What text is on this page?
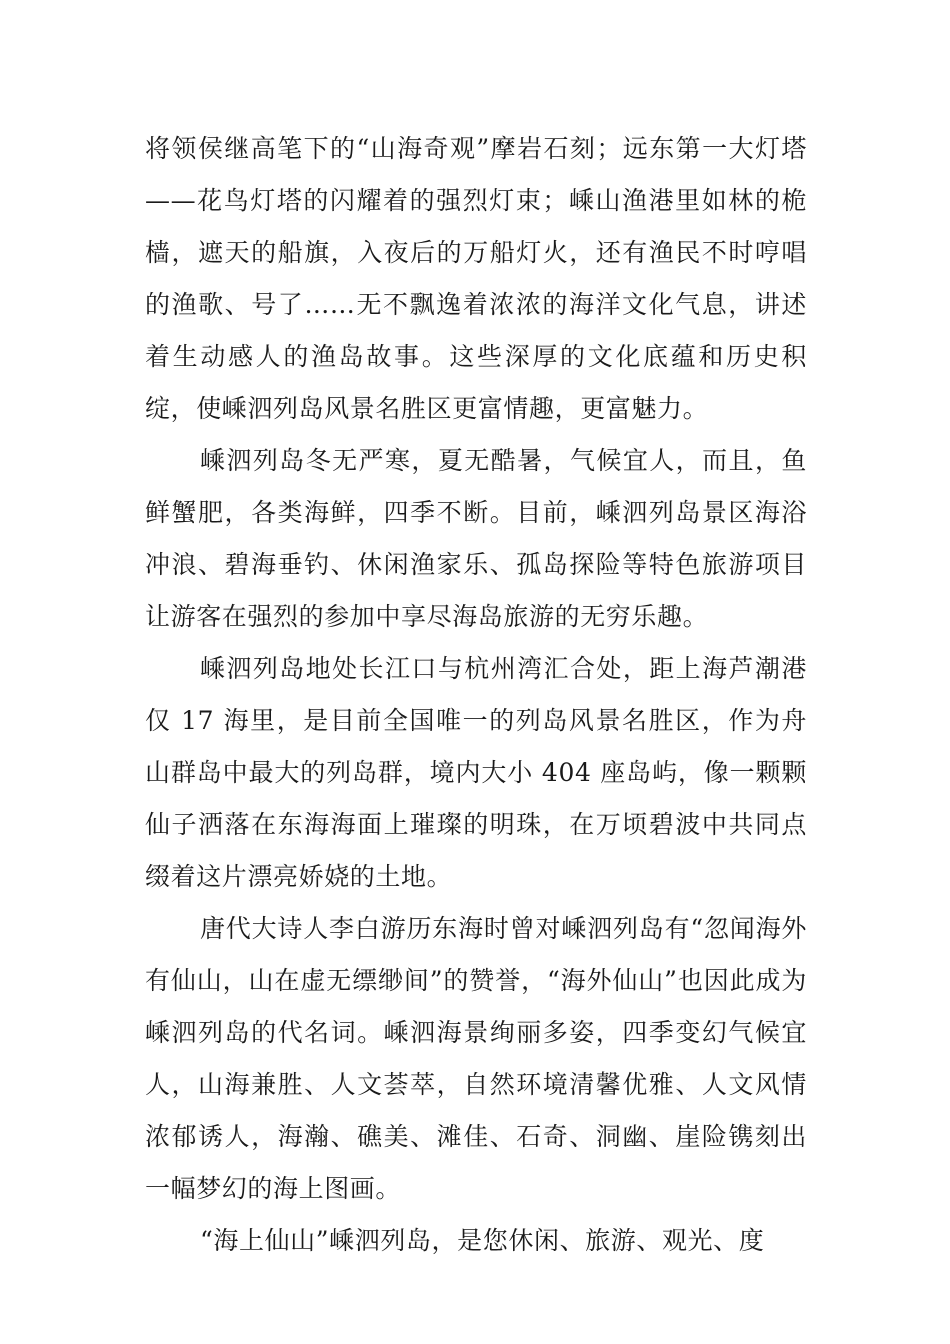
将领侯继高笔下的“山海奇观”摩岩石刻；远东第一大灯塔——花鸟灯塔的闪耀着的强烈灯束；嵊山渔港里如林的桅樯，遮天的船旗，入夜后的万船灯火，还有渔民不时哼唱的渔歌、号了……无不飘逸着浓浓的海洋文化气息，讲述着生动感人的渔岛故事。这些深厚的文化底蕴和历史积绽，使嵊泗列岛风景名胜区更富情趣，更富魅力。

嵊泗列岛冬无严寒，夏无酷暑，气候宜人，而且，鱼鲜蟹肥，各类海鲜，四季不断。目前，嵊泗列岛景区海浴冲浪、碧海垂钓、休闲渔家乐、孤岛探险等特色旅游项目让游客在强烈的参加中享尽海岛旅游的无穷乐趣。

嵊泗列岛地处长江口与杭州湾汇合处，距上海芦潮港仅 17 海里，是目前全国唯一的列岛风景名胜区，作为舟山群岛中最大的列岛群，境内大小 404 座岛屿，像一颗颗仙子洒落在东海海面上璀璨的明珠，在万顷碧波中共同点缀着这片漂亮娇娆的土地。

唐代大诗人李白游历东海时曾对嵊泗列岛有“忽闻海外有仙山，山在虚无缥缈间”的赞誉，“海外仙山”也因此成为嵊泗列岛的代名词。嵊泗海景绚丽多姿，四季变幻气候宜人，山海兼胜、人文荟萃，自然环境清馨优雅、人文风情浓郁诱人，海瀚、礁美、滩佳、石奇、洞幽、崖险镌刻出一幅梦幻的海上图画。

“海上仙山”嵊泗列岛，是您休闲、旅游、观光、度
